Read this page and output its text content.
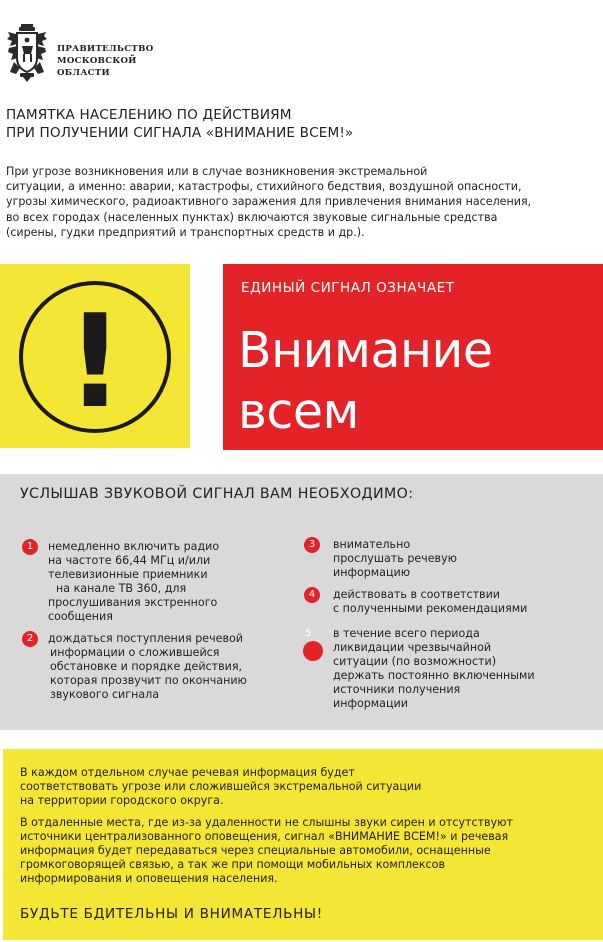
ПРАВИТЕЛЬСТВО
МОСКОВСКОЙ
ОБЛАСТИ
ПАМЯТКА НАСЕЛЕНИЮ ПО ДЕЙСТВИЯМ
ПРИ ПОЛУЧЕНИИ СИГНАЛА «ВНИМАНИЕ ВСЕМ!»
При угрозе возникновения или в случае возникновения экстремальной
ситуации, а именно: аварии, катастрофы, стихийного бедствия, воздушной опасности,
угрозы химического, радиоактивного заражения для привлечения внимания населения,
во всех городах (населенных пунктах) включаются звуковые сигнальные средства
(сирены, гудки предприятий и транспортных средств и др.).
!	ЕДИНЫЙ СИГНАЛ ОЗНАЧАЕТ
Внимание
всем
УСЛЫШАВ ЗВУКОВОЙ СИГНАЛ ВАМ НЕОБХОДИМО:
1	немедленно включить радио
на частоте 66,44 МГц и/или
телевизионные приемники
на канале ТВ 360, для
прослушивания экстренного
сообщения
2	дождаться поступления речевой
информации о сложившейся
обстановке и порядке действия,
которая прозвучит по окончанию
звукового сигнала
3	внимательно
прослушать речевую
информацию
4	действовать в соответствии
с полученными рекомендациями
5 в течение всего периода
ликвидации чрезвычайной
ситуации (по возможности)
держать постоянно включенными
источники получения
информации
В каждом отдельном случае речевая информация будет
соответствовать угрозе или сложившейся экстремальной ситуации
на территории городского округа.
В отдаленные места, где из-за удаленности не слышны звуки сирен и отсутствуют
источники централизованного оповещения, сигнал «ВНИМАНИЕ ВСЕМ!» и речевая
информация будет передаваться через специальные автомобили, оснащенные
громкоговорящей связью, а так же при помощи мобильных комплексов
информирования и оповещения населения.
БУДЬТЕ БДИТЕЛЬНЫ И ВНИМАТЕЛЬНЫ!
